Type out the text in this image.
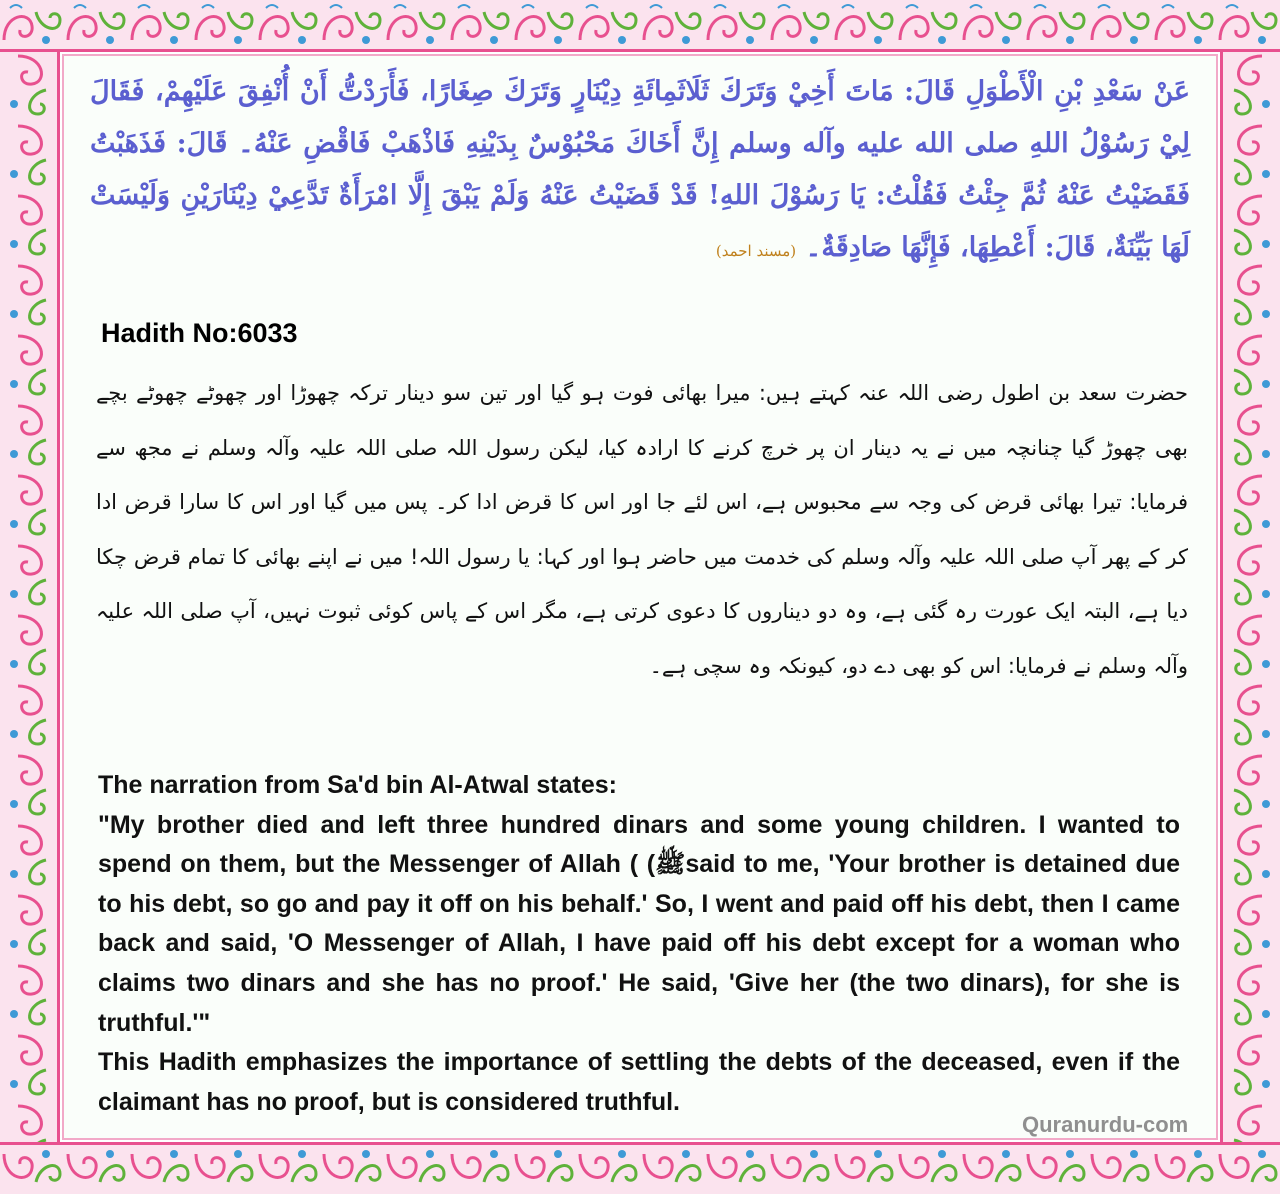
عَنْ سَعْدِ بْنِ الْأَطْوَلِ قَالَ: مَاتَ أَخِيْ وَتَرَكَ ثَلَاثَمِائَةِ دِيْنَارٍ وَتَرَكَ صِغَارًا، فَأَرَدْتُّ أَنْ أُنْفِقَ عَلَيْهِمْ، فَقَالَ لِيْ رَسُوْلُ اللهِ صلى الله عليه وآله وسلم إِنَّ أَخَاكَ مَحْبُوْسٌ بِدَيْنِهِ فَاذْهَبْ فَاقْضِ عَنْهُ۔ قَالَ: فَذَهَبْتُ فَقَضَيْتُ عَنْهُ ثُمَّ جِئْتُ فَقُلْتُ: يَا رَسُوْلَ اللهِ! قَدْ قَضَيْتُ عَنْهُ وَلَمْ يَبْقَ إِلَّا امْرَأَةٌ تَدَّعِيْ دِيْنَارَيْنِ وَلَيْسَتْ لَهَا بَيِّنَةٌ، قَالَ: أَعْطِهَا، فَإِنَّهَا صَادِقَةٌ۔ (مسند احمد)
Hadith No:6033
حضرت سعد بن اطول رضی اللہ عنہ کہتے ہیں: میرا بھائی فوت ہو گیا اور تین سو دینار ترکہ چھوڑا اور چھوٹے چھوٹے بچے بھی چھوڑ گیا چنانچہ میں نے یہ دینار ان پر خرچ کرنے کا ارادہ کیا، لیکن رسول اللہ صلی اللہ علیہ وآلہ وسلم نے مجھ سے فرمایا: تیرا بھائی قرض کی وجہ سے محبوس ہے، اس لئے جا اور اس کا قرض ادا کر۔ پس میں گیا اور اس کا سارا قرض ادا کر کے پھر آپ صلی اللہ علیہ وآلہ وسلم کی خدمت میں حاضر ہوا اور کہا: یا رسول اللہ! میں نے اپنے بھائی کا تمام قرض چکا دیا ہے، البتہ ایک عورت رہ گئی ہے، وہ دو دیناروں کا دعوی کرتی ہے، مگر اس کے پاس کوئی ثبوت نہیں، آپ صلی اللہ علیہ وآلہ وسلم نے فرمایا: اس کو بھی دے دو، کیونکہ وہ سچی ہے۔

The narration from Sa'd bin Al-Atwal states:

"My brother died and left three hundred dinars and some young children. I wanted to spend on them, but the Messenger of Allah ( (ﷺsaid to me, 'Your brother is detained due to his debt, so go and pay it off on his behalf.' So, I went and paid off his debt, then I came back and said, 'O Messenger of Allah, I have paid off his debt except for a woman who claims two dinars and she has no proof.' He said, 'Give her (the two dinars), for she is truthful.'"

This Hadith emphasizes the importance of settling the debts of the deceased, even if the claimant has no proof, but is considered truthful.

Quranurdu-com
